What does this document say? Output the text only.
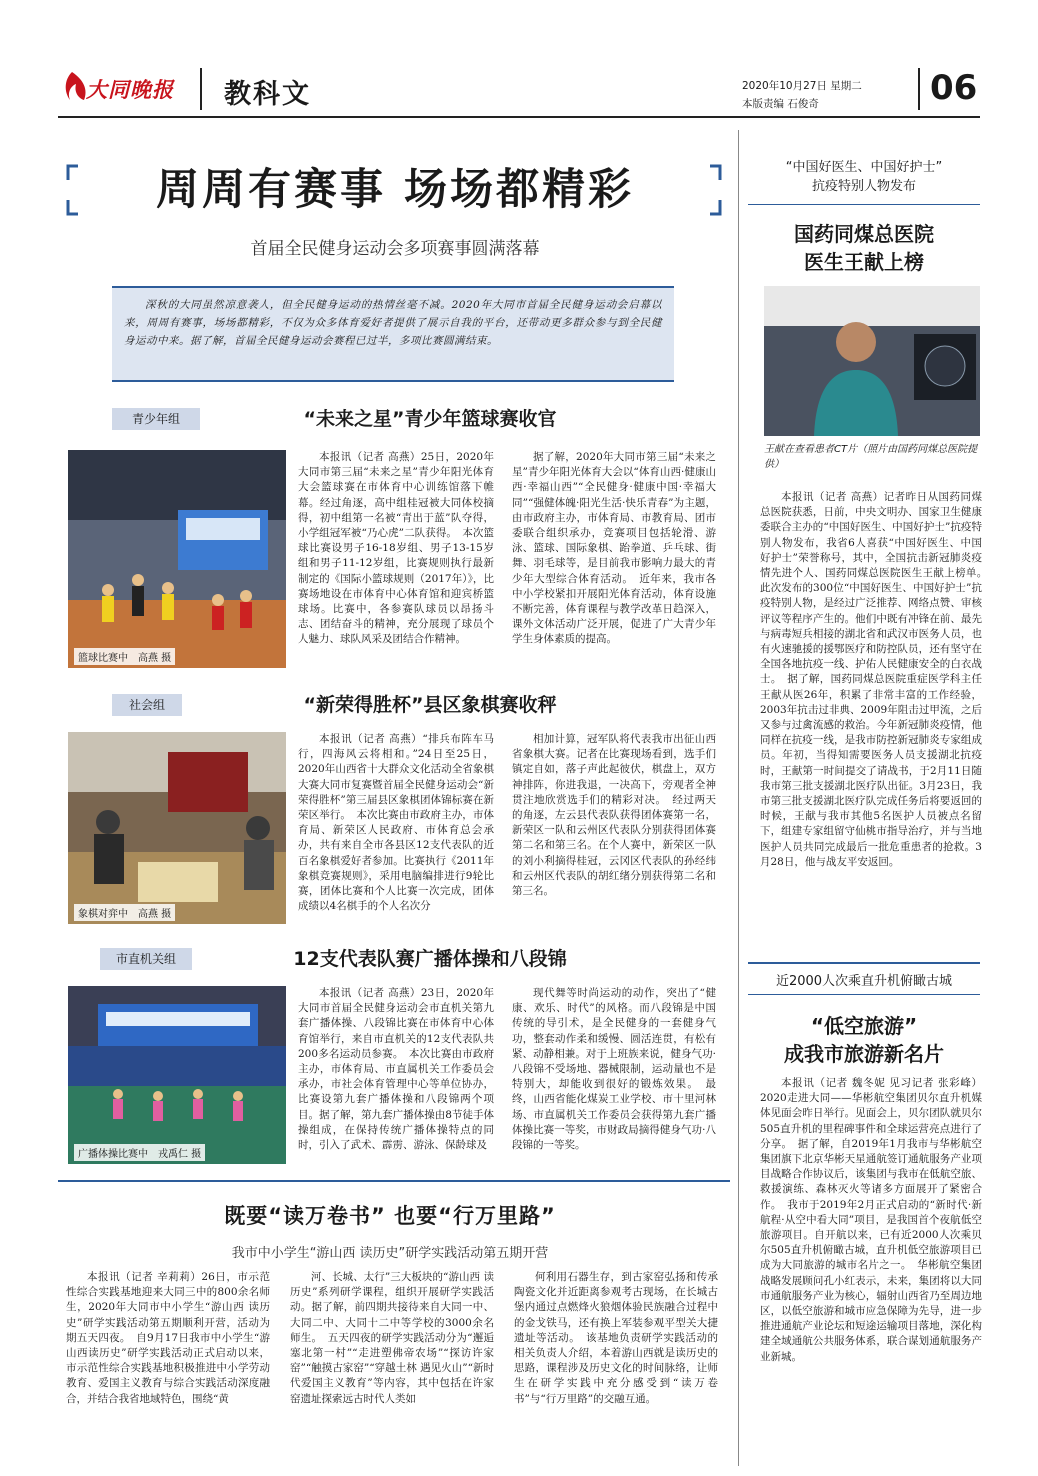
大同晚报 教科文	2020年10月27日 星期二
本版责编 石俊奇	06
周周有赛事 场场都精彩
首届全民健身运动会多项赛事圆满落幕

深秋的大同虽然凉意袭人，但全民健身运动的热情丝毫不减。2020年大同市首届全民健身运动会启幕以来，周周有赛事，场场都精彩，不仅为众多体育爱好者提供了展示自我的平台，还带动更多群众参与到全民健身运动中来。据了解，首届全民健身运动会赛程已过半，多项比赛圆满结束。

青少年组	“未来之星”青少年篮球赛收官
篮球比赛中　高燕 摄

本报讯（记者 高燕）25日，2020年大同市第三届“未来之星”青少年阳光体育大会篮球赛在市体育中心训练馆落下帷幕。经过角逐，高中组桂冠被大同体校摘得，初中组第一名被“青出于蓝”队夺得，小学组冠军被“乃心虎”二队获得。　本次篮球比赛设男子16-18岁组、男子13-15岁组和男子11-12岁组，比赛规则执行最新制定的《国际小篮球规则（2017年）》，比赛场地设在市体育中心体育馆和迎宾桥篮球场。比赛中，各参赛队球员以昂扬斗志、团结奋斗的精神，充分展现了球员个人魅力、球队风采及团结合作精神。

据了解，2020年大同市第三届“未来之星”青少年阳光体育大会以“体育山西·健康山西·幸福山西”“全民健身·健康中国·幸福大同”“强健体魄·阳光生活·快乐青春”为主题，由市政府主办，市体育局、市教育局、团市委联合组织承办，竞赛项目包括轮滑、游泳、篮球、国际象棋、跆拳道、乒乓球、街舞、羽毛球等，是目前我市影响力最大的青少年大型综合体育活动。　近年来，我市各中小学校紧扣开展阳光体育活动，体育设施不断完善，体育课程与教学改革日趋深入，课外文体活动广泛开展，促进了广大青少年学生身体素质的提高。

社会组	“新荣得胜杯”县区象棋赛收秤
象棋对弈中　高燕 摄

本报讯（记者 高燕）“排兵布阵车马行，四海风云将相和。”24日至25日，2020年山西省十大群众文化活动全省象棋大赛大同市复赛暨首届全民健身运动会“新荣得胜杯”第三届县区象棋团体锦标赛在新荣区举行。　本次比赛由市政府主办，市体育局、新荣区人民政府、市体育总会承办，共有来自全市各县区12支代表队的近百名象棋爱好者参加。比赛执行《2011年象棋竞赛规则》，采用电脑编排进行9轮比赛，团体比赛和个人比赛一次完成，团体成绩以4名棋手的个人名次分

相加计算，冠军队将代表我市出征山西省象棋大赛。记者在比赛现场看到，选手们镇定自如，落子声此起彼伏，棋盘上，双方神排阵，你进我退，一决高下，旁观者全神贯注地欣赏选手们的精彩对决。　经过两天的角逐，左云县代表队获得团体赛第一名，新荣区一队和云州区代表队分别获得团体赛第二名和第三名。在个人赛中，新荣区一队的刘小利摘得桂冠，云冈区代表队的孙经纬和云州区代表队的胡红绪分别获得第二名和第三名。

市直机关组	12支代表队赛广播体操和八段锦
广播体操比赛中　戎禹仁 摄

本报讯（记者 高燕）23日，2020年大同市首届全民健身运动会市直机关第九套广播体操、八段锦比赛在市体育中心体育馆举行，来自市直机关的12支代表队共200多名运动员参赛。　本次比赛由市政府主办，市体育局、市直属机关工作委员会承办，市社会体育管理中心等单位协办，比赛设第九套广播体操和八段锦两个项目。据了解，第九套广播体操由8节徒手体操组成，在保持传统广播体操特点的同时，引入了武术、霹雳、游泳、保龄球及

现代舞等时尚运动的动作，突出了“健康、欢乐、时代”的风格。而八段锦是中国传统的导引术，是全民健身的一套健身气功，整套动作柔和缓慢、圆活连贯，有松有紧、动静相兼。对于上班族来说，健身气功·八段锦不受场地、器械限制，运动量也不是特别大，却能收到很好的锻炼效果。　最终，山西省能化煤炭工业学校、市十里河林场、市直属机关工作委员会获得第九套广播体操比赛一等奖，市财政局摘得健身气功·八段锦的一等奖。

既要“读万卷书” 也要“行万里路”
我市中小学生“游山西 读历史”研学实践活动第五期开营

本报讯（记者 辛莉莉）26日，市示范性综合实践基地迎来大同三中的800余名师生，2020年大同市中小学生“游山西 读历史”研学实践活动第五期顺利开营，活动为期五天四夜。　自9月17日我市中小学生“游山西读历史”研学实践活动正式启动以来，市示范性综合实践基地积极推进中小学劳动教育、爱国主义教育与综合实践活动深度融合，并结合我省地域特色，围绕“黄

河、长城、太行”三大板块的“游山西 读历史”系列研学课程，组织开展研学实践活动。据了解，前四期共接待来自大同一中、大同二中、大同十二中等学校的3000余名师生。　五天四夜的研学实践活动分为“邂逅塞北第一村”“走进塑佛帝农场”“探访许家窑”“触摸古家窑”“穿越土林 遇见火山”“新时代爱国主义教育”等内容，其中包括在许家窑遗址探索远古时代人类如

何利用石器生存，到古家窑弘扬和传承陶瓷文化并近距离参观考古现场，在长城古堡内通过点燃烽火狼烟体验民族融合过程中的金戈铁马，还有换上军装参观平型关大捷遗址等活动。　该基地负责研学实践活动的相关负责人介绍，本着游山西就是读历史的思路，课程涉及历史文化的时间脉络，让师生在研学实践中充分感受到“读万卷书”与“行万里路”的交融互通。

“中国好医生、中国好护士”
抗疫特别人物发布
国药同煤总医院
医生王献上榜
王献在查看患者CT片（照片由国药同煤总医院提供）

本报讯（记者 高燕）记者昨日从国药同煤总医院获悉，日前，中央文明办、国家卫生健康委联合主办的“中国好医生、中国好护士”抗疫特别人物发布，我省6人喜获“中国好医生、中国好护士”荣誉称号，其中，全国抗击新冠肺炎疫情先进个人、国药同煤总医院医生王献上榜单。　此次发布的300位“中国好医生、中国好护士”抗疫特别人物，是经过广泛推荐、网络点赞、审核评议等程序产生的。他们中既有冲锋在前、最先与病毒短兵相接的湖北省和武汉市医务人员，也有火速驰援的援鄂医疗和防控队员，还有坚守在全国各地抗疫一线、护佑人民健康安全的白衣战士。　据了解，国药同煤总医院重症医学科主任王献从医26年，积累了非常丰富的工作经验，2003年抗击过非典、2009年阻击过甲流，之后又参与过禽流感的救治。今年新冠肺炎疫情，他同样在抗疫一线，是我市防控新冠肺炎专家组成员。年初，当得知需要医务人员支援湖北抗疫时，王献第一时间提交了请战书，于2月11日随我市第三批支援湖北医疗队出征。3月23日，我市第三批支援湖北医疗队完成任务后将要返回的时候，王献与我市其他5名医护人员被点名留下，组建专家组留守仙桃市指导治疗，并与当地医护人员共同完成最后一批危重患者的抢救。3月28日，他与战友平安返回。

近2000人次乘直升机俯瞰古城
“低空旅游”
成我市旅游新名片

本报讯（记者 魏冬妮 见习记者 张彩峰）2020走进大同——华彬航空集团贝尔直升机媒体见面会昨日举行。见面会上，贝尔团队就贝尔505直升机的里程碑事件和全球运营亮点进行了分享。　据了解，自2019年1月我市与华彬航空集团旗下北京华彬天星通航签订通航服务产业项目战略合作协议后，该集团与我市在低航空旅、救援演练、森林灭火等诸多方面展开了紧密合作。　我市于2019年2月正式启动的“新时代·新航程·从空中看大同”项目，是我国首个夜航低空旅游项目。自开航以来，已有近2000人次乘贝尔505直升机俯瞰古城，直升机低空旅游项目已成为大同旅游的城市名片之一。　华彬航空集团战略发展顾问孔小红表示，未来，集团将以大同市通航服务产业为核心，辐射山西省乃至周边地区，以低空旅游和城市应急保障为先导，进一步推进通航产业论坛和短途运输项目落地，深化构建全域通航公共服务体系，联合谋划通航服务产业新城。
